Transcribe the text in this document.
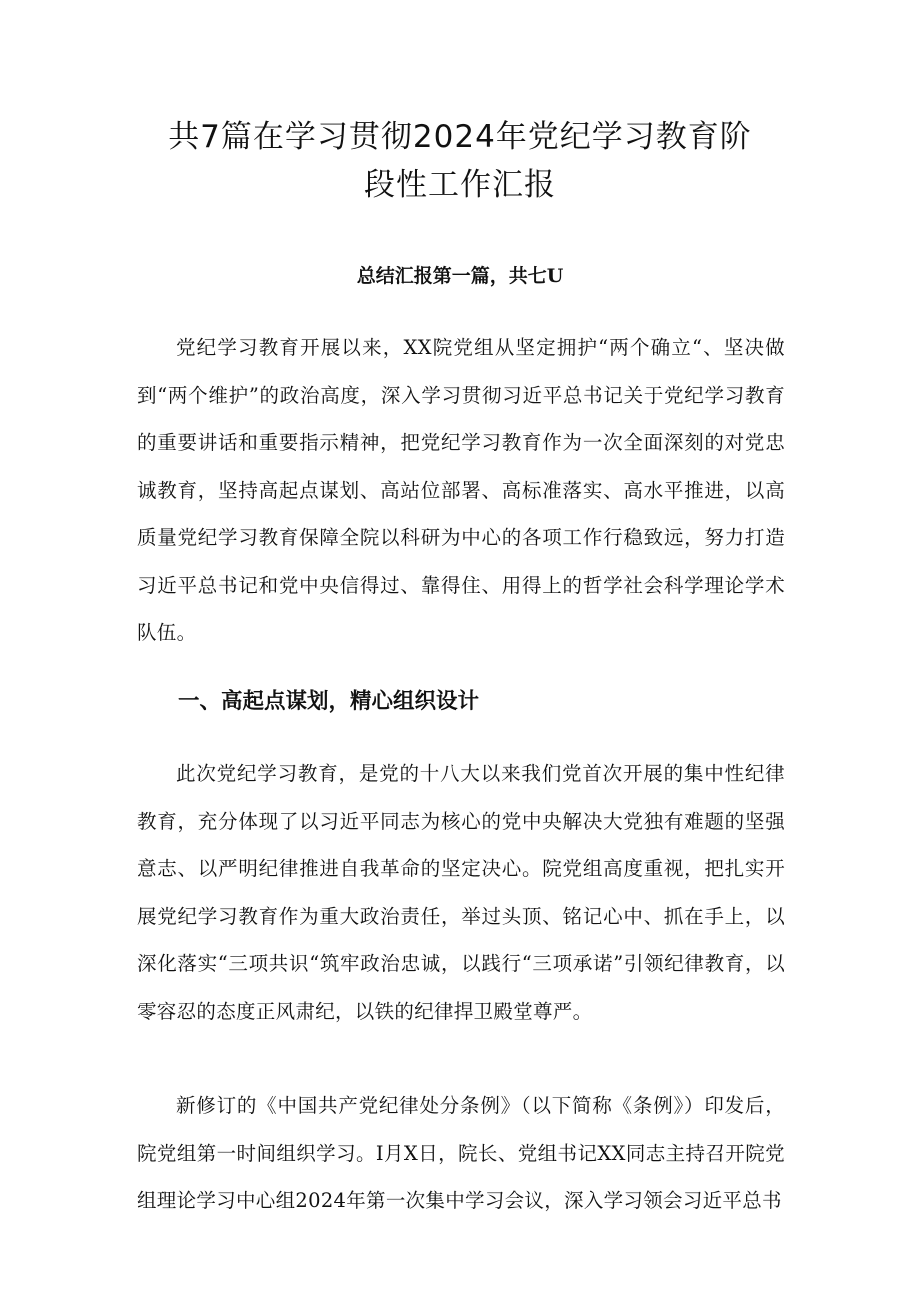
共7篇在学习贯彻2024年党纪学习教育阶
段性工作汇报
总结汇报第一篇，共七U

党纪学习教育开展以来，XX院党组从坚定拥护“两个确立“、坚决做到“两个维护”的政治高度，深入学习贯彻习近平总书记关于党纪学习教育的重要讲话和重要指示精神，把党纪学习教育作为一次全面深刻的对党忠诚教育，坚持高起点谋划、高站位部署、高标准落实、高水平推进，以高质量党纪学习教育保障全院以科研为中心的各项工作行稳致远，努力打造习近平总书记和党中央信得过、靠得住、用得上的哲学社会科学理论学术队伍。

一、高起点谋划，精心组织设计

此次党纪学习教育，是党的十八大以来我们党首次开展的集中性纪律教育，充分体现了以习近平同志为核心的党中央解决大党独有难题的坚强意志、以严明纪律推进自我革命的坚定决心。院党组高度重视，把扎实开展党纪学习教育作为重大政治责任，举过头顶、铭记心中、抓在手上，以深化落实“三项共识“筑牢政治忠诚，以践行“三项承诺”引领纪律教育，以零容忍的态度正风肃纪，以铁的纪律捍卫殿堂尊严。

新修订的《中国共产党纪律处分条例》（以下简称《条例》）印发后，院党组第一时间组织学习。I月X日，院长、党组书记XX同志主持召开院党组理论学习中心组2024年第一次集中学习会议，深入学习领会习近平总书
